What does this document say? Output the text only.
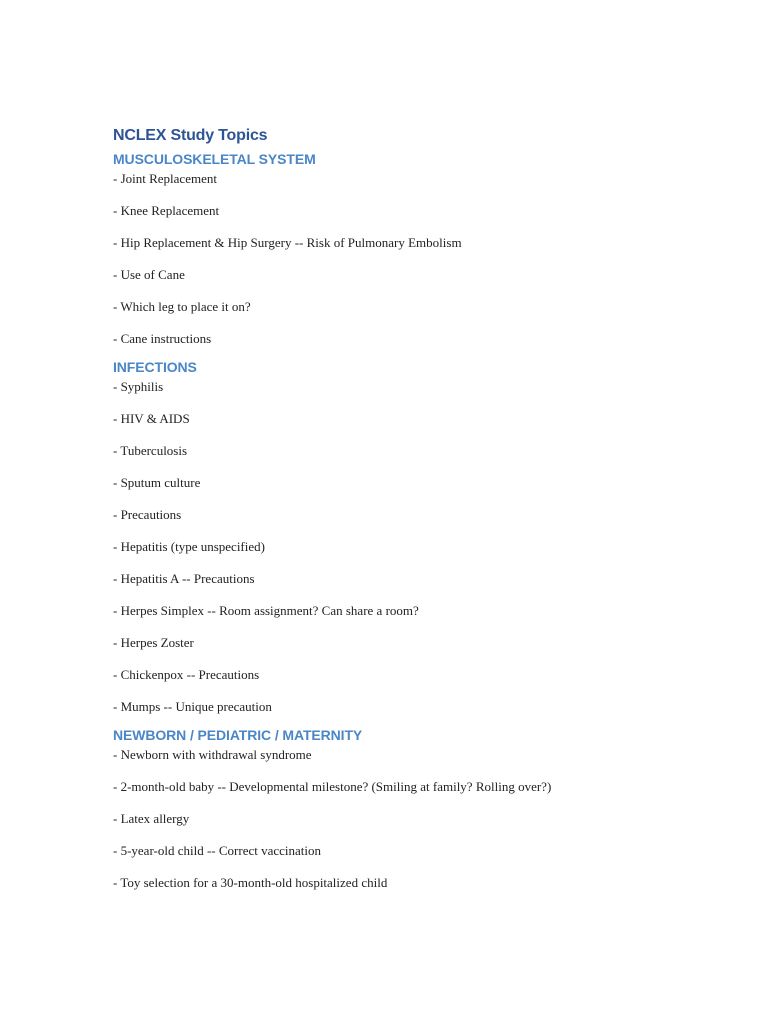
NCLEX Study Topics
MUSCULOSKELETAL SYSTEM

- Joint Replacement

- Knee Replacement

- Hip Replacement & Hip Surgery -- Risk of Pulmonary Embolism

- Use of Cane

- Which leg to place it on?

- Cane instructions

INFECTIONS

- Syphilis

- HIV & AIDS

- Tuberculosis

- Sputum culture

- Precautions

- Hepatitis (type unspecified)

- Hepatitis A -- Precautions

- Herpes Simplex -- Room assignment? Can share a room?

- Herpes Zoster

- Chickenpox -- Precautions

- Mumps -- Unique precaution

NEWBORN / PEDIATRIC / MATERNITY

- Newborn with withdrawal syndrome

- 2-month-old baby -- Developmental milestone? (Smiling at family? Rolling over?)

- Latex allergy

- 5-year-old child -- Correct vaccination

- Toy selection for a 30-month-old hospitalized child
